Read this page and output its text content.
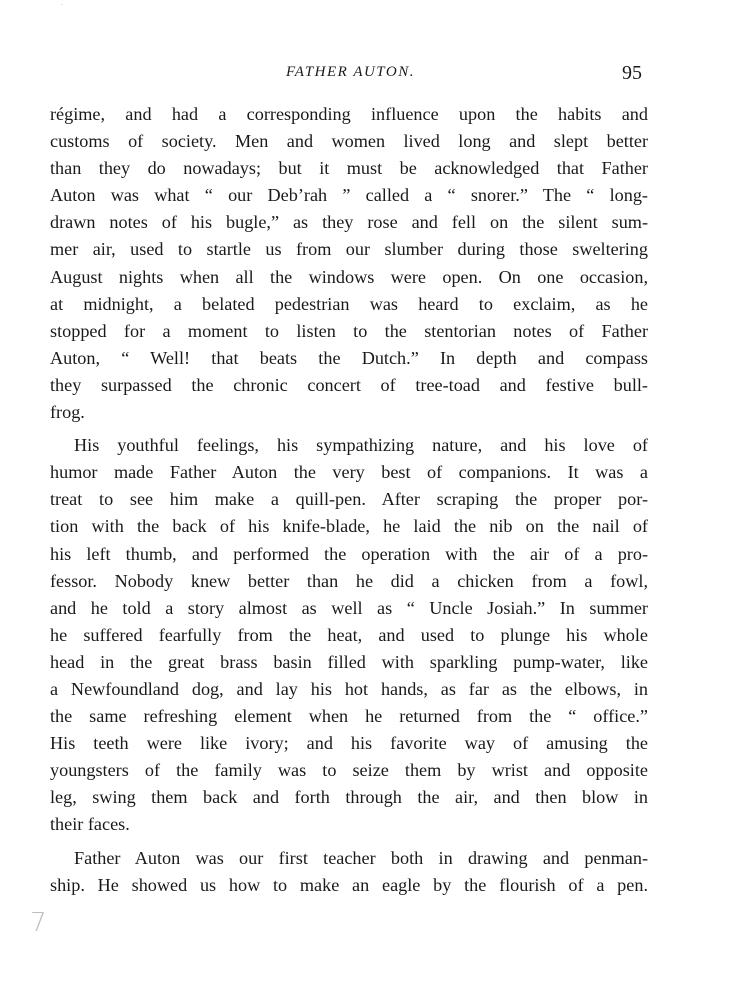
⋅
FATHER AUTON.	95
régime, and had a corresponding influence upon the habits and
customs of society. Men and women lived long and slept better
than they do nowadays; but it must be acknowledged that Father
Auton was what “ our Deb’rah ” called a “ snorer.” The “ long-
drawn notes of his bugle,” as they rose and fell on the silent sum-
mer air, used to startle us from our slumber during those sweltering
August nights when all the windows were open. On one occasion,
at midnight, a belated pedestrian was heard to exclaim, as he
stopped for a moment to listen to the stentorian notes of Father
Auton, “ Well! that beats the Dutch.” In depth and compass
they surpassed the chronic concert of tree-toad and festive bull-
frog.
His youthful feelings, his sympathizing nature, and his love of
humor made Father Auton the very best of companions. It was a
treat to see him make a quill-pen. After scraping the proper por-
tion with the back of his knife-blade, he laid the nib on the nail of
his left thumb, and performed the operation with the air of a pro-
fessor. Nobody knew better than he did a chicken from a fowl,
and he told a story almost as well as “ Uncle Josiah.” In summer
he suffered fearfully from the heat, and used to plunge his whole
head in the great brass basin filled with sparkling pump-water, like
a Newfoundland dog, and lay his hot hands, as far as the elbows, in
the same refreshing element when he returned from the “ office.”
His teeth were like ivory; and his favorite way of amusing the
youngsters of the family was to seize them by wrist and opposite
leg, swing them back and forth through the air, and then blow in
their faces.
Father Auton was our first teacher both in drawing and penman-
ship. He showed us how to make an eagle by the flourish of a pen.
7
